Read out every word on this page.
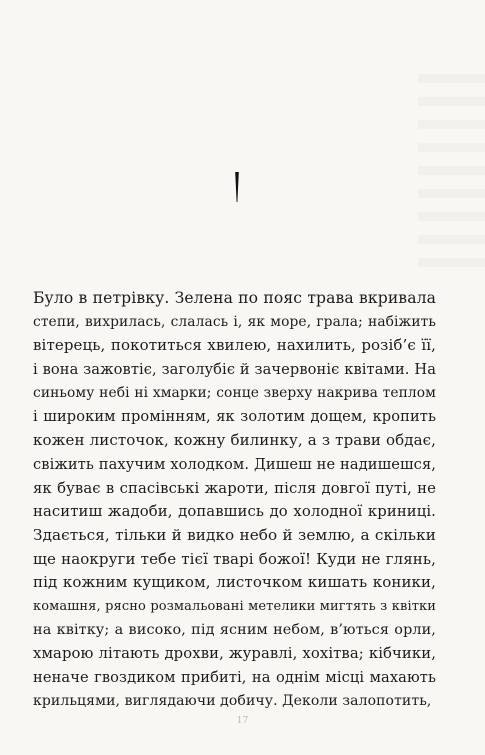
Було в петрівку. Зелена по пояс трава вкривала
степи, вихрилась, слалась і, як море, грала; набіжить
вітерець, покотиться хвилею, нахилить, розіб’є її,
і вона зажовтіє, заголубіє й зачервоніє квітами. На
синьому небі ні хмарки; сонце зверху накрива теплом
і широким промінням, як золотим дощем, кропить
кожен листочок, кожну билинку, а з трави обдає,
свіжить пахучим холодком. Дишеш не надишешся,
як буває в спасівські жароти, після довгої путі, не
наситиш жадоби, допавшись до холодної криниці.
Здається, тільки й видко небо й землю, а скільки
ще наокруги тебе тієї тварі божої! Куди не глянь,
під кожним кущиком, листочком кишать коники,
комашня, рясно розмальовані метелики мигтять з квітки
на квітку; а високо, під ясним небом, в’ються орли,
хмарою літають дрохви, журавлі, хохітва; кібчики,
неначе гвоздиком прибиті, на однім місці махають
крильцями, виглядаючи добичу. Деколи залопотить,
17
